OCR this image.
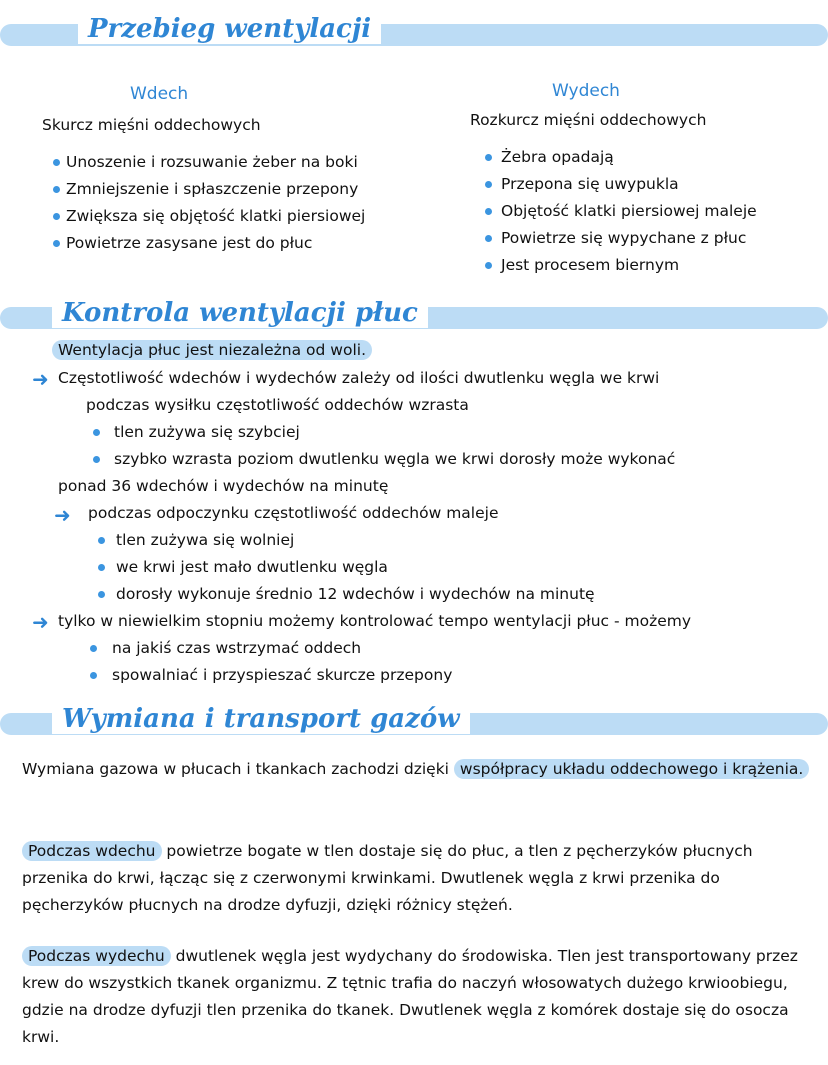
Przebieg wentylacji
Wdech
Skurcz mięśni oddechowych
Unoszenie i rozsuwanie żeber na boki
Zmniejszenie i spłaszczenie przepony
Zwiększa się objętość klatki piersiowej
Powietrze zasysane jest do płuc
Wydech
Rozkurcz mięśni oddechowych
Żebra opadają
Przepona się uwypukla
Objętość klatki piersiowej maleje
Powietrze się wypychane z płuc
Jest procesem biernym
Kontrola wentylacji płuc
Wentylacja płuc jest niezależna od woli.
➜ Częstotliwość wdechów i wydechów zależy od ilości dwutlenku węgla we krwi
podczas wysiłku częstotliwość oddechów wzrasta
tlen zużywa się szybciej
szybko wzrasta poziom dwutlenku węgla we krwi dorosły może wykonać
ponad 36 wdechów i wydechów na minutę
➜ podczas odpoczynku częstotliwość oddechów maleje
tlen zużywa się wolniej
we krwi jest mało dwutlenku węgla
dorosły wykonuje średnio 12 wdechów i wydechów na minutę
➜ tylko w niewielkim stopniu możemy kontrolować tempo wentylacji płuc - możemy
na jakiś czas wstrzymać oddech
spowalniać i przyspieszać skurcze przepony
Wymiana i transport gazów
Wymiana gazowa w płucach i tkankach zachodzi dzięki współpracy układu oddechowego i krążenia.
Podczas wdechu powietrze bogate w tlen dostaje się do płuc, a tlen z pęcherzyków płucnych przenika do krwi, łącząc się z czerwonymi krwinkami. Dwutlenek węgla z krwi przenika do pęcherzyków płucnych na drodze dyfuzji, dzięki różnicy stężeń.
Podczas wydechu dwutlenek węgla jest wydychany do środowiska. Tlen jest transportowany przez krew do wszystkich tkanek organizmu. Z tętnic trafia do naczyń włosowatych dużego krwioobiegu, gdzie na drodze dyfuzji tlen przenika do tkanek. Dwutlenek węgla z komórek dostaje się do osocza krwi.
